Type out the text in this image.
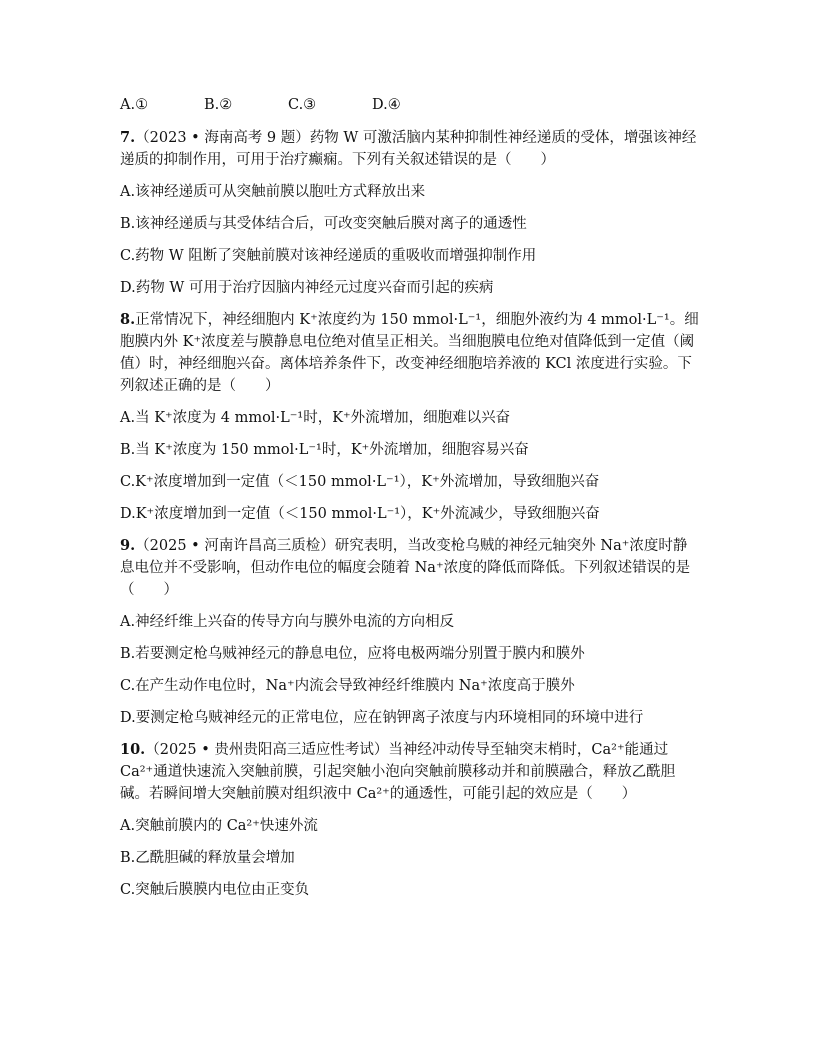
A.①	B.②	C.③	D.④

7.（2023 • 海南高考 9 题）药物 W 可激活脑内某种抑制性神经递质的受体，增强该神经递质的抑制作用，可用于治疗癫痫。下列有关叙述错误的是（　　）

A.该神经递质可从突触前膜以胞吐方式释放出来

B.该神经递质与其受体结合后，可改变突触后膜对离子的通透性

C.药物 W 阻断了突触前膜对该神经递质的重吸收而增强抑制作用

D.药物 W 可用于治疗因脑内神经元过度兴奋而引起的疾病

8.正常情况下，神经细胞内 K⁺浓度约为 150 mmol·L⁻¹，细胞外液约为 4 mmol·L⁻¹。细胞膜内外 K⁺浓度差与膜静息电位绝对值呈正相关。当细胞膜电位绝对值降低到一定值（阈值）时，神经细胞兴奋。离体培养条件下，改变神经细胞培养液的 KCl 浓度进行实验。下列叙述正确的是（　　）

A.当 K⁺浓度为 4 mmol·L⁻¹时，K⁺外流增加，细胞难以兴奋

B.当 K⁺浓度为 150 mmol·L⁻¹时，K⁺外流增加，细胞容易兴奋

C.K⁺浓度增加到一定值（＜150 mmol·L⁻¹），K⁺外流增加，导致细胞兴奋

D.K⁺浓度增加到一定值（＜150 mmol·L⁻¹），K⁺外流减少，导致细胞兴奋

9.（2025 • 河南许昌高三质检）研究表明，当改变枪乌贼的神经元轴突外 Na⁺浓度时静息电位并不受影响，但动作电位的幅度会随着 Na⁺浓度的降低而降低。下列叙述错误的是（　　）

A.神经纤维上兴奋的传导方向与膜外电流的方向相反

B.若要测定枪乌贼神经元的静息电位，应将电极两端分别置于膜内和膜外

C.在产生动作电位时，Na⁺内流会导致神经纤维膜内 Na⁺浓度高于膜外

D.要测定枪乌贼神经元的正常电位，应在钠钾离子浓度与内环境相同的环境中进行

10.（2025 • 贵州贵阳高三适应性考试）当神经冲动传导至轴突末梢时，Ca²⁺能通过 Ca²⁺通道快速流入突触前膜，引起突触小泡向突触前膜移动并和前膜融合，释放乙酰胆碱。若瞬间增大突触前膜对组织液中 Ca²⁺的通透性，可能引起的效应是（　　）

A.突触前膜内的 Ca²⁺快速外流

B.乙酰胆碱的释放量会增加

C.突触后膜膜内电位由正变负
